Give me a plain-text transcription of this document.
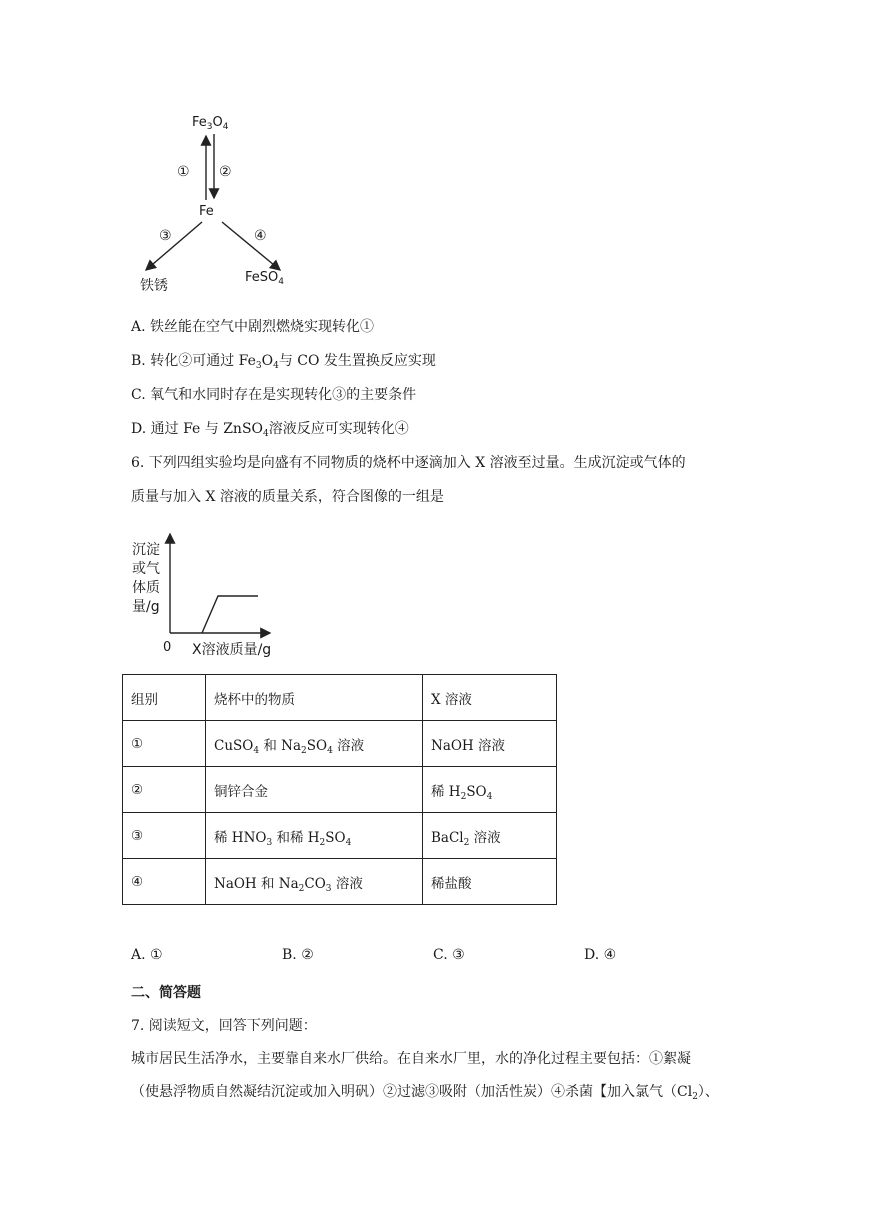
$Fe_3O_4$
Fe
铁锈
FeSO$_4$
① ②
③	④
A. 铁丝能在空气中剧烈燃烧实现转化①
B. 转化②可通过 $Fe_3O_4$与 CO 发生置换反应实现
C. 氧气和水同时存在是实现转化③的主要条件
D. 通过 Fe 与 ZnSO$_4$溶液反应可实现转化④
6. 下列四组实验均是向盛有不同物质的烧杯中逐滴加入 X 溶液至过量。生成沉淀或气体的
质量与加入 X 溶液的质量关系，符合图像的一组是
沉淀
或气
体质
量/g
0 X溶液质量/g
组别	烧杯中的物质	X 溶液
①	CuSO$_4$ 和 $Na_2SO_4$ 溶液	NaOH 溶液
②	铜锌合金	稀 $H_2SO_4$
③	稀 $HNO_3$ 和稀 $H_2SO_4$	BaCl$_2$ 溶液
④	NaOH 和 $Na_2CO_3$ 溶液	稀盐酸
A. ①	B. ②	C. ③	D. ④
二、简答题
7. 阅读短文，回答下列问题：
城市居民生活净水，主要靠自来水厂供给。在自来水厂里，水的净化过程主要包括：①絮凝
（使悬浮物质自然凝结沉淀或加入明矾）②过滤③吸附（加活性炭）④杀菌【加入氯气$(Cl_2)$、
